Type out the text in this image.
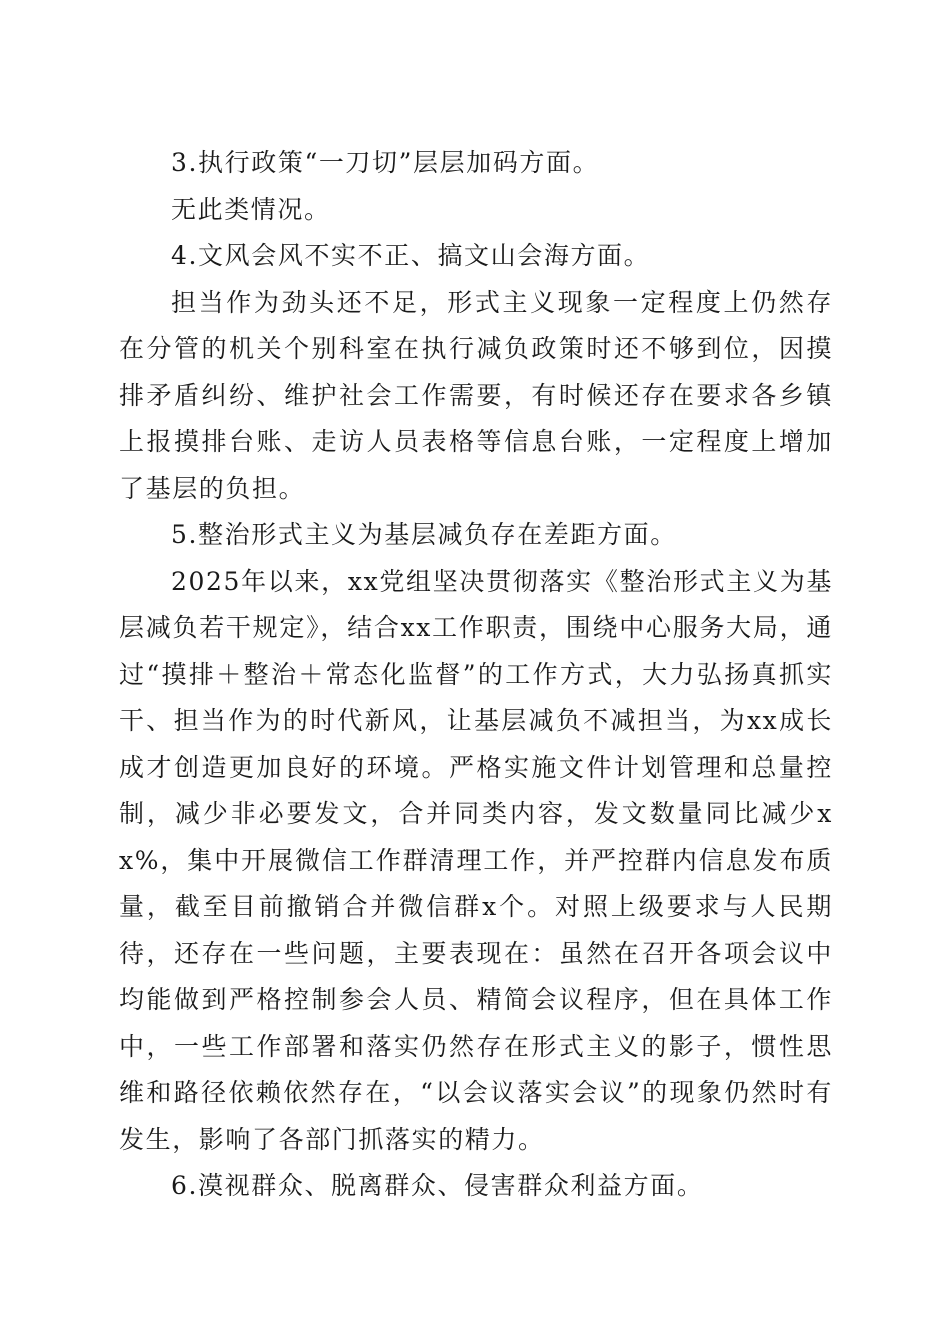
3.执行政策“一刀切”层层加码方面。

无此类情况。

4.文风会风不实不正、搞文山会海方面。

担当作为劲头还不足，形式主义现象一定程度上仍然存在分管的机关个别科室在执行减负政策时还不够到位，因摸排矛盾纠纷、维护社会工作需要，有时候还存在要求各乡镇上报摸排台账、走访人员表格等信息台账，一定程度上增加了基层的负担。

5.整治形式主义为基层减负存在差距方面。

2025年以来，xx党组坚决贯彻落实《整治形式主义为基层减负若干规定》，结合xx工作职责，围绕中心服务大局，通过“摸排＋整治＋常态化监督”的工作方式，大力弘扬真抓实干、担当作为的时代新风，让基层减负不减担当，为xx成长成才创造更加良好的环境。严格实施文件计划管理和总量控制，减少非必要发文，合并同类内容，发文数量同比减少xx%，集中开展微信工作群清理工作，并严控群内信息发布质量，截至目前撤销合并微信群x个。对照上级要求与人民期待，还存在一些问题，主要表现在：虽然在召开各项会议中均能做到严格控制参会人员、精简会议程序，但在具体工作中，一些工作部署和落实仍然存在形式主义的影子，惯性思维和路径依赖依然存在，“以会议落实会议”的现象仍然时有发生，影响了各部门抓落实的精力。

6.漠视群众、脱离群众、侵害群众利益方面。
